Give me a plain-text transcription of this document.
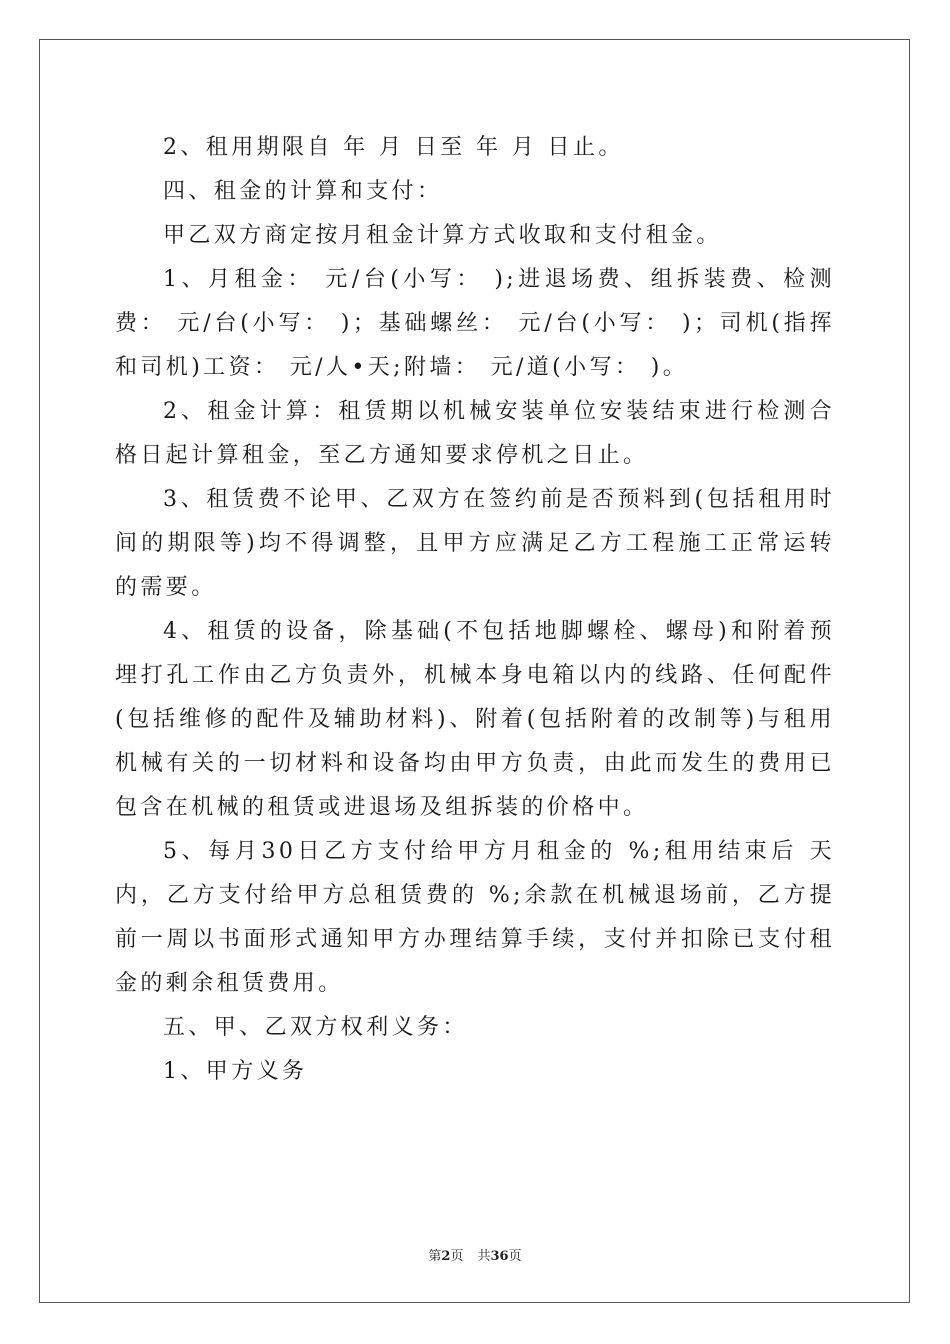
2、租用期限自 年 月 日至 年 月 日止。

四、租金的计算和支付：

甲乙双方商定按月租金计算方式收取和支付租金。

1、月租金： 元/台(小写： );进退场费、组拆装费、检测费： 元/台(小写： )；基础螺丝： 元/台(小写： )；司机(指挥和司机)工资： 元/人•天;附墙： 元/道(小写： )。

2、租金计算：租赁期以机械安装单位安装结束进行检测合格日起计算租金，至乙方通知要求停机之日止。

3、租赁费不论甲、乙双方在签约前是否预料到(包括租用时间的期限等)均不得调整，且甲方应满足乙方工程施工正常运转的需要。

4、租赁的设备，除基础(不包括地脚螺栓、螺母)和附着预埋打孔工作由乙方负责外，机械本身电箱以内的线路、任何配件(包括维修的配件及辅助材料)、附着(包括附着的改制等)与租用机械有关的一切材料和设备均由甲方负责，由此而发生的费用已包含在机械的租赁或进退场及组拆装的价格中。

5、每月30日乙方支付给甲方月租金的 %;租用结束后 天内，乙方支付给甲方总租赁费的 %;余款在机械退场前，乙方提前一周以书面形式通知甲方办理结算手续，支付并扣除已支付租金的剩余租赁费用。

五、甲、乙双方权利义务：

1、甲方义务

第2页 共36页
